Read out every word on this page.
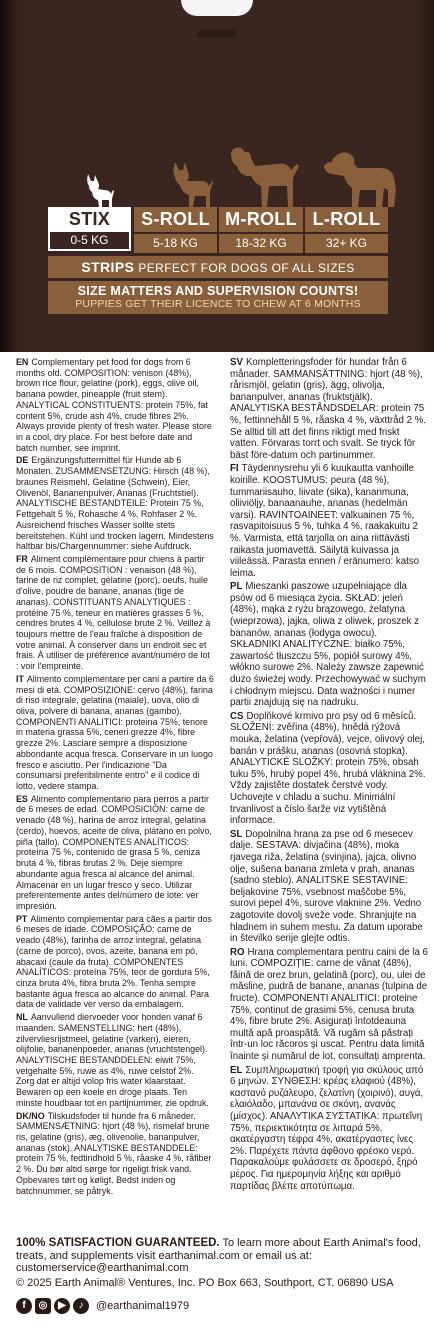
STIX
0-5 KG
S-ROLL
5-18 KG
M-ROLL
18-32 KG
L-ROLL
32+ KG
STRIPS PERFECT FOR DOGS OF ALL SIZES
SIZE MATTERS AND SUPERVISION COUNTS!
PUPPIES GET THEIR LICENCE TO CHEW AT 6 MONTHS

EN Complementary pet food for dogs from 6 months old. COMPOSITION: venison (48%), brown rice flour, gelatine (pork), eggs, olive oil, banana powder, pineapple (fruit stem). ANALYTICAL CONSTITUENTS: protein 75%, fat content 5%, crude ash 4%, crude fibres 2%. Always provide plenty of fresh water. Please store in a cool, dry place. For best before date and batch number, see imprint.

DE Ergänzungsfuttermittel für Hunde ab 6 Monaten. ZUSAMMENSETZUNG: Hirsch (48 %), braunes Reismehl, Gelatine (Schwein), Eier, Olivenöl, Bananenpulver, Ananas (Fruchtstiel). ANALYTISCHE BESTANDTEILE: Protein 75 %, Fettgehalt 5 %, Rohasche 4 %, Rohfaser 2 %. Ausreichend frisches Wasser sollte stets bereitstehen. Kühl und trocken lagern. Mindestens haltbar bis/Chargennummer: siehe Aufdruck.

FR Aliment complémentaire pour chiens à partir de 6 mois. COMPOSITION : venaison (48 %), farine de riz complet, gélatine (porc), oeufs, huile d'olive, poudre de banane, ananas (tige de ananas). CONSTITUANTS ANALYTIQUES : protéine 75 %, teneur en matières grasses 5 %, cendres brutes 4 %, cellulose brute 2 %. Veillez à toujours mettre de l'eau fraîche à disposition de votre animal. À conserver dans un endroit sec et frais. À utiliser de préférence avant/numéro de lot : voir l'empreinte.

IT Alimento complementare per cani a partire da 6 mesi di età. COMPOSIZIONE: cervo (48%), farina di riso integrale, gelatina (maiale), uova, olio di oliva, polvere di banana, ananas (gambo). COMPONENTI ANALITICI: proteina 75%, tenore in materia grassa 5%, ceneri grezze 4%, fibre grezze 2%. Lasciare sempre a disposizione abbondante acqua fresca. Conservare in un luogo fresco e asciutto. Per l'indicazione "Da consumarsi preferibilmente entro" e il codice di lotto, vedere stampa.

ES Alimento complementario para perros a partir de 6 meses de edad. COMPOSICIÓN: carne de venado (48 %), harina de arroz integral, gelatina (cerdo), huevos, aceite de oliva, plátano en polvo, piña (tallo). COMPONENTES ANALÍTICOS: proteína 75 %, contenido de grasa 5 %, ceniza bruta 4 %, fibras brutas 2 %. Deje siempre abundante agua fresca al alcance del animal. Almacenar en un lugar fresco y seco. Utilizar preferentemente antes del/número de lote: ver impresión.

PT Alimento complementar para cães a partir dos 6 meses de idade. COMPOSIÇÃO: carne de veado (48%), farinha de arroz integral, gelatina (carne de porco), ovos, azeite, banana em pó, abacaxi (caule da fruta). COMPONENTES ANALÍTICOS: proteína 75%, teor de gordura 5%, cinza bruta 4%, fibra bruta 2%. Tenha sempre bastante água fresca ao alcance do animal. Para data de validade ver verso da embalagem.

NL Aanvullend diervoeder voor honden vanaf 6 maanden. SAMENSTELLING: hert (48%), zilvervliesrijstmeel, gelatine (varken), eieren, olijfolie, bananenpoeder, ananas (vruchtstengel). ANALYTISCHE BESTANDDELEN: eiwit 75%, vetgehalte 5%, ruwe as 4%, ruwe celstof 2%. Zorg dat er altijd volop fris water klaarstaat. Bewaren op een koele en droge plaats. Ten minste houdbaar tot en partijnummer, zie opdruk.

DK/NO Tilskudsfoder til hunde fra 6 måneder. SAMMENSÆTNING: hjort (48 %), rismelaf brune ris, gelatine (gris), æg, olivenolie, bananpulver, ananas (stok). ANALYTISKE BESTANDDELE: protein 75 %, fedtindhold 5 %, råaske 4 %, råfiber 2 %. Du bør altid sørge for rigeligt frisk vand. Opbevares tørt og køligt. Bedst inden og batchnummer, se påtryk.

SV Kompletteringsfoder för hundar från 6 månader. SAMMANSÄTTNING: hjort (48 %), rårismjöl, gelatin (gris), ägg, olivolja, bananpulver, ananas (fruktstjälk). ANALYTISKA BESTÅNDSDELAR: protein 75 %, fettinnehåll 5 %, råaska 4 %, växttråd 2 %. Se alltid till att det finns riktigt med friskt vatten. Förvaras torrt och svalt. Se tryck för bäst före-datum och partinummer.

FI Täydennysrehu yli 6 kuukautta vanhoille koirille. KOOSTUMUS: peura (48 %), tummariisauho, liivate (sika), kananmuna, oliiviöljy, banaanauhe, ananas (hedelmän varsi). RAVINTOAINEET: valkuainen 75 %, rasvapitoisuus 5 %, tuhka 4 %, raakakuitu 2 %. Varmista, että tarjolla on aina riittävästi raikasta juomavettä. Säilytä kuivassa ja viileässä. Parasta ennen / eränumero: katso leima.

PL Mieszanki paszowe uzupełniające dla psów od 6 miesiąca życia. SKŁAD: jeleń (48%), mąka z ryżu brązowego, żelatyna (wieprzowa), jajka, oliwa z oliwek, proszek z bananów, ananas (łodyga owocu). SKŁADNIKI ANALITYCZNE: białko 75%, zawartość tłuszczu 5%, popiół surowy 4%, włókno surowe 2%. Należy zawsze zapewnić dużo świeżej wody. Przechowywać w suchym i chłodnym miejscu. Data ważności i numer partii znajdują się na nadruku.

CS Doplňkové krmivo pro psy od 6 měsíců. SLOŽENÍ: zvěřina (48%), hnědá rýžová mouka, želatina (vepřová), vejce, olivový olej, banán v prášku, ananas (osovná stopka). ANALYTICKÉ SLOŽKY: protein 75%, obsah tuku 5%, hrubý popel 4%, hrubá vláknina 2%. Vždy zajistěte dostatek čerstvé vody. Uchovejte v chladu a suchu. Minimální trvanlivost a číslo šarže viz vytištěná informace.

SL Dopolnilna hrana za pse od 6 mesecev dalje. SESTAVA: divjačina (48%), moka rjavega riža, želatina (svinjina), jajca, olivno olje, sušena banana zmleta v prah, ananas (sadno steblo). ANALITSKE SESTAVINE: beljakovine 75%, vsebnost maščobe 5%, surovi pepel 4%, surove vlaknine 2%. Vedno zagotovite dovolj sveže vode. Shranjujte na hladnem in suhem mestu. Za datum uporabe in številko serije glejte odtis.

RO Hrana complementara pentru caini de la 6 luni. COMPOZIȚIE: carne de vânat (48%), făină de orez brun, gelatină (porc), ou, ulei de măsline, pudră de banane, ananas (tulpina de fructe). COMPONENTI ANALITICI: proteine 75%, continut de grasimi 5%, cenusa bruta 4%, fibre brute 2%. Asigurați întotdeauna multă apă proaspătă. Vă rugăm să păstrați într-un loc răcoros și uscat. Pentru data limită înainte și numărul de lot, consultați amprenta.

EL Συμπληρωματική τροφή για σκύλους από 6 μηνών. ΣΥΝΘΕΣΗ: κρέας ελαφιού (48%), καστανό ρυζάλευρο, ζελατίνη (χοιρινό), αυγά, ελαιόλαδο, μπανάνα σε σκόνη, ανανάς (μίσχος). ΑΝΑΛΥΤΙΚΑ ΣΥΣΤΑΤΙΚΑ: πρωτεΐνη 75%, περιεκτικότητα σε λιπαρά 5%, ακατέργαστη τέφρα 4%, ακατέργαστες ίνες 2%. Παρέχετε πάντα άφθονο φρέσκο νερό. Παρακαλούμε φυλάσσετε σε δροσερό, ξηρό μέρος. Για ημερομηνία λήξης και αριθμό παρτίδας βλέπε αποτύπωμα.

100% SATISFACTION GUARANTEED. To learn more about Earth Animal's food, treats, and supplements visit earthanimal.com or email us at: customerservice@earthanimal.com
© 2025 Earth Animal® Ventures, Inc. PO Box 663, Southport, CT. 06890 USA
f	◎	▶	♪	@earthanimal1979
